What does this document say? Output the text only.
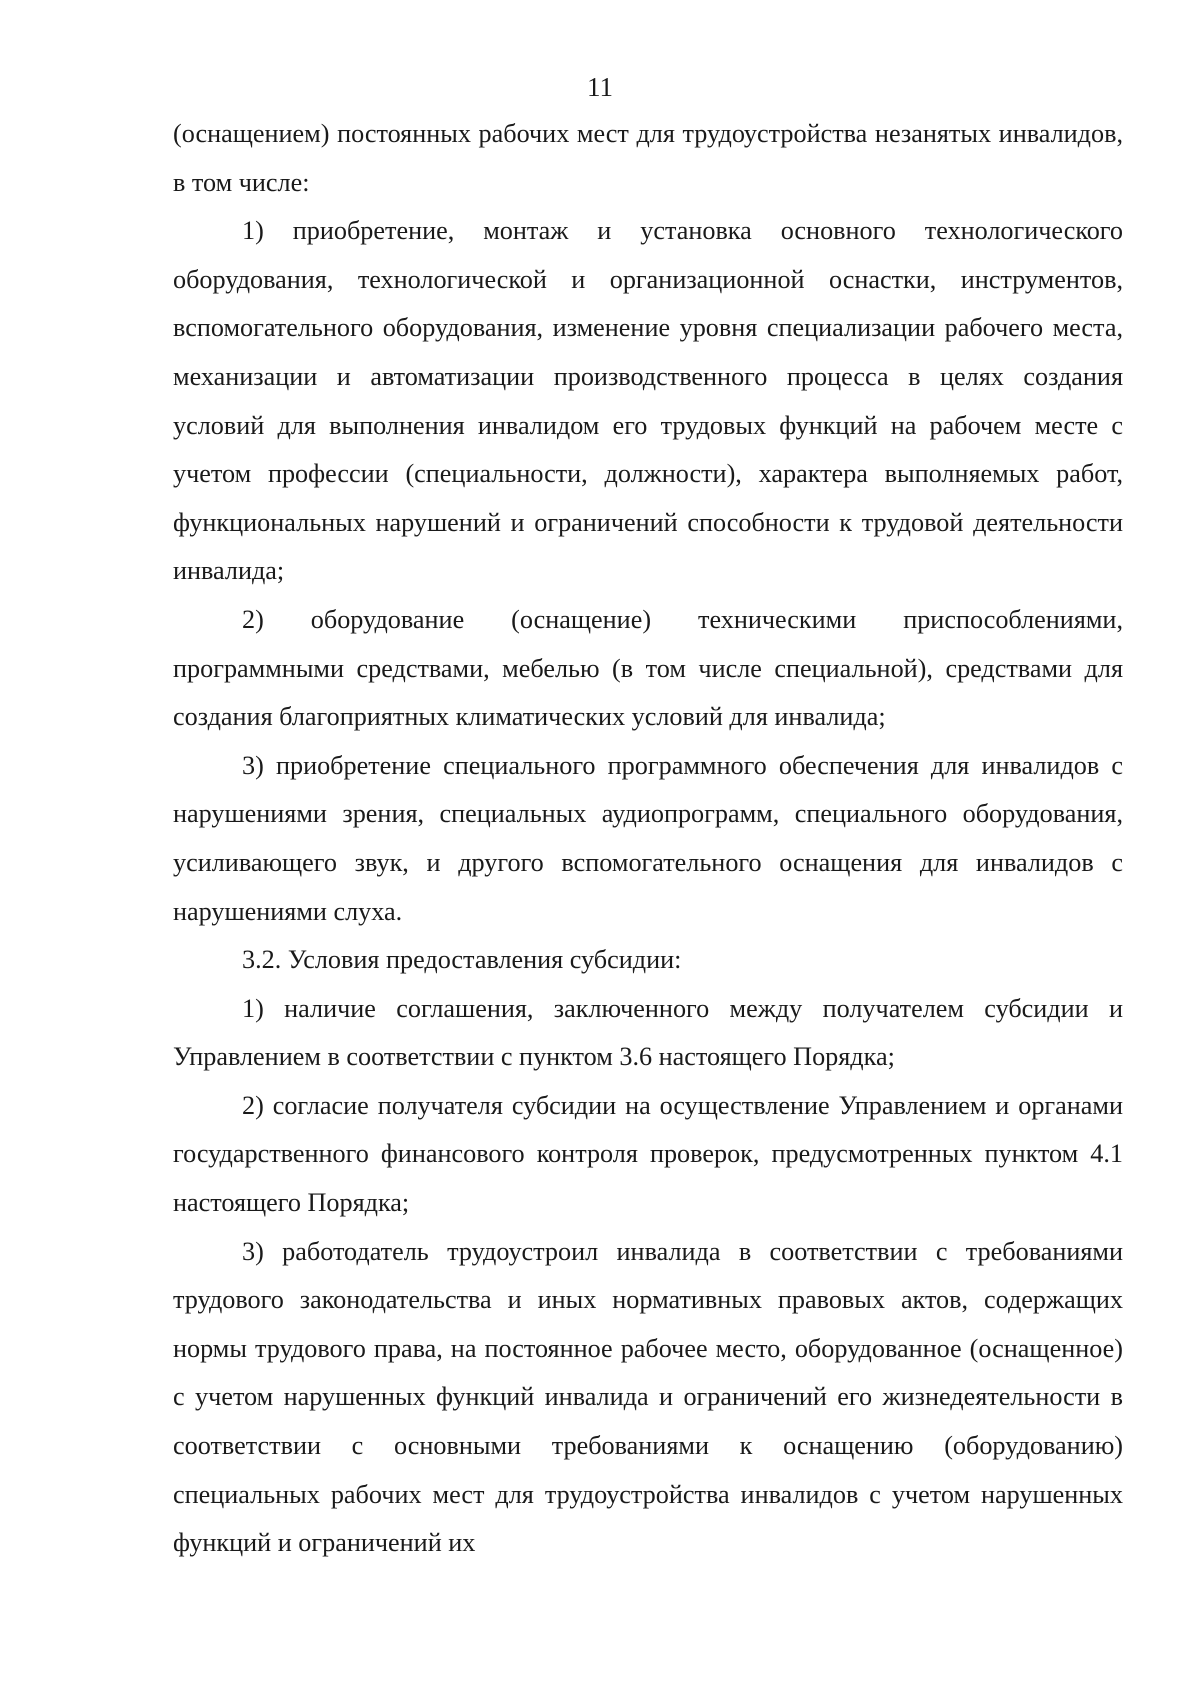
11

(оснащением) постоянных рабочих мест для трудоустройства незанятых инвалидов, в том числе:

1) приобретение, монтаж и установка основного технологического оборудования, технологической и организационной оснастки, инструментов, вспомогательного оборудования, изменение уровня специализации рабочего места, механизации и автоматизации производственного процесса в целях создания условий для выполнения инвалидом его трудовых функций на рабочем месте с учетом профессии (специальности, должности), характера выполняемых работ, функциональных нарушений и ограничений способности к трудовой деятельности инвалида;

2) оборудование (оснащение) техническими приспособлениями, программными средствами, мебелью (в том числе специальной), средствами для создания благоприятных климатических условий для инвалида;

3) приобретение специального программного обеспечения для инвалидов с нарушениями зрения, специальных аудиопрограмм, специального оборудования, усиливающего звук, и другого вспомогательного оснащения для инвалидов с нарушениями слуха.

3.2. Условия предоставления субсидии:

1) наличие соглашения, заключенного между получателем субсидии и Управлением в соответствии с пунктом 3.6 настоящего Порядка;

2) согласие получателя субсидии на осуществление Управлением и органами государственного финансового контроля проверок, предусмотренных пунктом 4.1 настоящего Порядка;

3) работодатель трудоустроил инвалида в соответствии с требованиями трудового законодательства и иных нормативных правовых актов, содержащих нормы трудового права, на постоянное рабочее место, оборудованное (оснащенное) с учетом нарушенных функций инвалида и ограничений его жизнедеятельности в соответствии с основными требованиями к оснащению (оборудованию) специальных рабочих мест для трудоустройства инвалидов с учетом нарушенных функций и ограничений их
